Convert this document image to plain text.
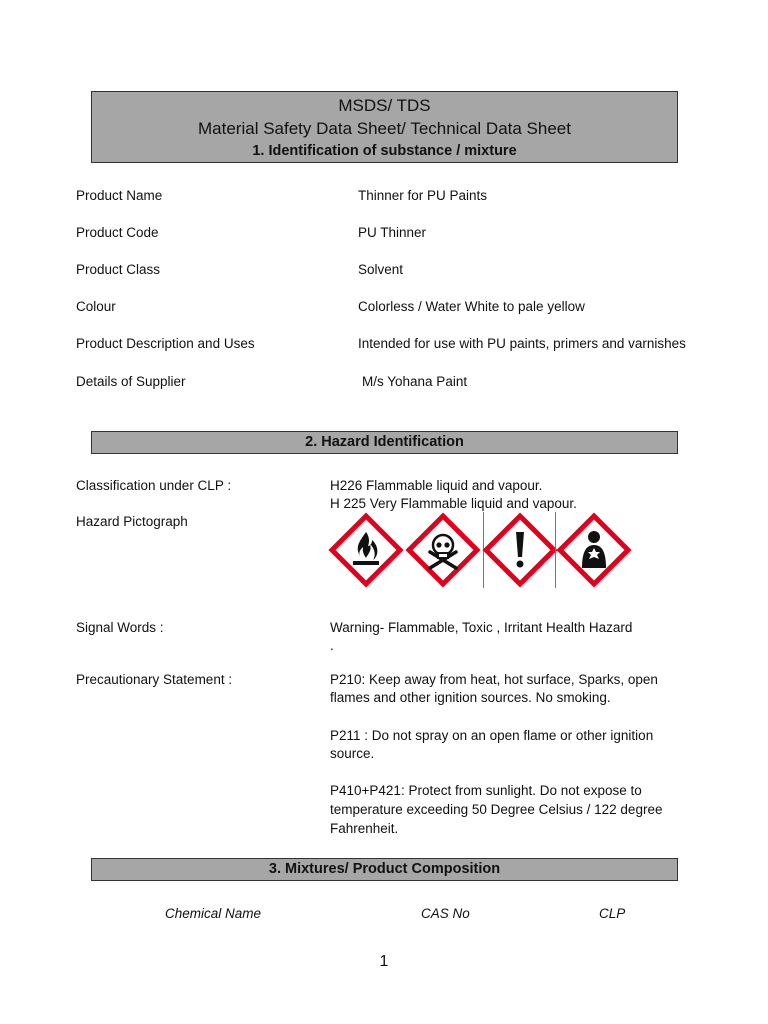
MSDS/ TDS
Material Safety Data Sheet/ Technical Data Sheet
1. Identification of substance / mixture
Product Name	Thinner for PU Paints
Product Code	PU Thinner
Product Class	Solvent
Colour	Colorless / Water White to pale yellow
Product Description and Uses	Intended for use with PU paints, primers and varnishes
Details of Supplier	M/s Yohana Paint
2. Hazard Identification
Classification under CLP :	H226 Flammable liquid and vapour.
H 225 Very Flammable liquid and vapour.
Hazard Pictograph
Signal Words :	Warning- Flammable, Toxic , Irritant Health Hazard
.
Precautionary Statement :	P210: Keep away from heat, hot surface, Sparks, open
flames and other ignition sources. No smoking.
P211 : Do not spray on an open flame or other ignition
source.
P410+P421: Protect from sunlight. Do not expose to
temperature exceeding 50 Degree Celsius / 122 degree
Fahrenheit.
3. Mixtures/ Product Composition
Chemical Name	CAS No	CLP
1
